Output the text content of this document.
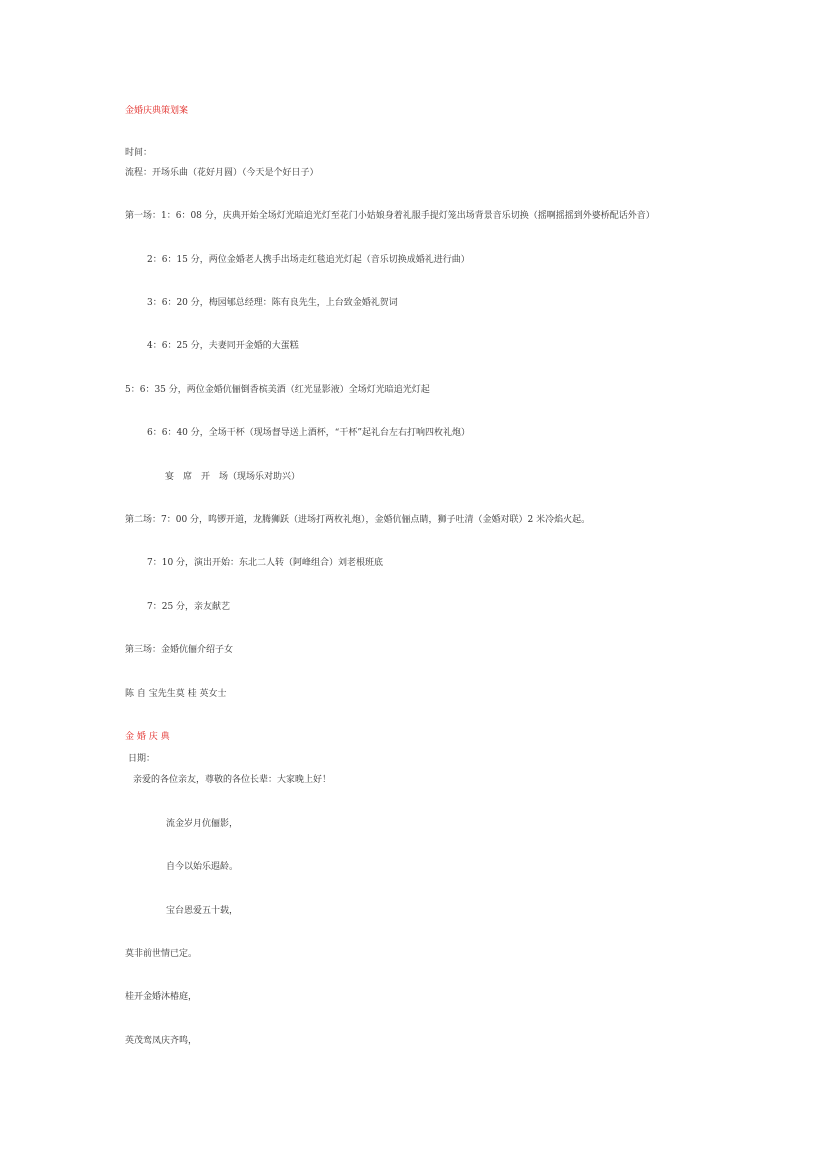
金婚庆典策划案
时间：
流程：开场乐曲（花好月圆）（今天是个好日子）
第一场：1：6：08 分，庆典开始全场灯光暗追光灯至花门小姑娘身着礼服手提灯笼出场背景音乐切换（摇啊摇摇到外婆桥配话外音）
2：6：15 分，两位金婚老人携手出场走红毯追光灯起（音乐切换成婚礼进行曲）
3：6：20 分，梅园郇总经理：陈有良先生，上台致金婚礼贺词
4：6：25 分，夫妻同开金婚的大蛋糕
5：6：35 分，两位金婚伉俪倒香槟美酒（红光显影液）全场灯光暗追光灯起
6：6：40 分，全场干杯（现场督导送上酒杯，“干杯”起礼台左右打响四枚礼炮）
宴　席　开　场（现场乐对助兴）
第二场：7：00 分，鸣锣开道，龙腾狮跃（进场打两枚礼炮），金婚伉俪点睛，狮子吐清（金婚对联）2 米冷焰火起。
7：10 分，演出开始：东北二人转（阿峰组合）刘老根班底
7：25 分，亲友献艺
第三场：金婚伉俪介绍子女
陈 自 宝先生莫 桂 英女士
金 婚 庆 典
日期：
亲爱的各位亲友，尊敬的各位长辈：大家晚上好！
流金岁月伉俪影，
自今以始乐遐龄。
宝台恩爱五十载，
莫非前世情已定。
桂开金婚沐椿庭，
英茂鸾凤庆齐鸣，
